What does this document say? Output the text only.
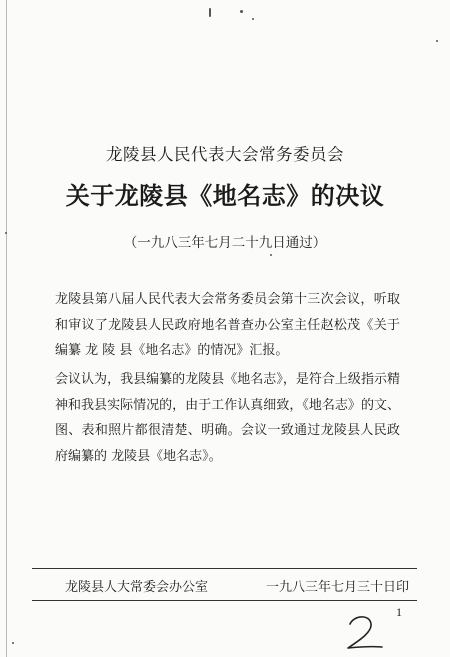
龙陵县人民代表大会常务委员会
关于龙陵县《地名志》的决议
（一九八三年七月二十九日通过）

龙陵县第八届人民代表大会常务委员会第十三次会议，听取和审议了龙陵县人民政府地名普查办公室主任赵松茂《关于编纂 龙 陵 县《地名志》的情况》汇报。

会议认为，我县编纂的龙陵县《地名志》，是符合上级指示精神和我县实际情况的，由于工作认真细致，《地名志》的文、图、表和照片都很清楚、明确。会议一致通过龙陵县人民政府编纂的 龙陵县《地名志》。

龙陵县人大常委会办公室	一九八三年七月三十日印
1
